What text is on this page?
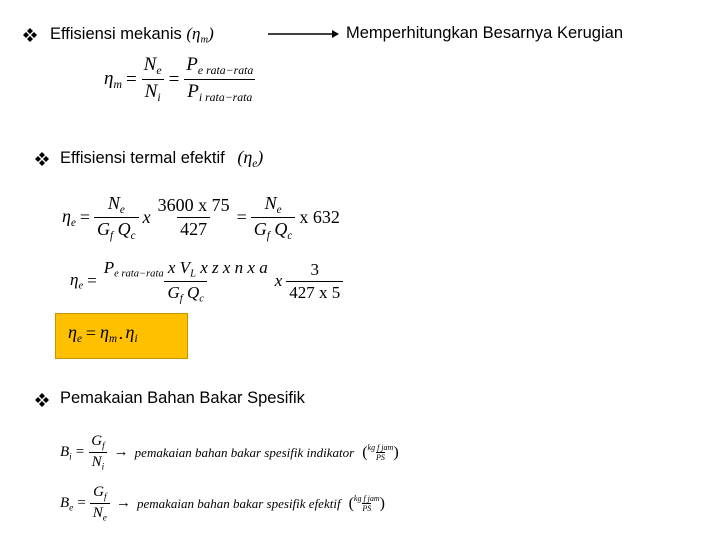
Effisiensi mekanis $(\eta_m)$	Memperhitungkan Besarnya Kerugian
$\eta_m = \frac{N_e}{N_i} = \frac{P_{e rata-rata}}{P_{i rata-rata}}$
Effisiensi termal efektif $(\eta_e)$
$\eta_e = \frac{N_e}{G_f Q_c}$ x $\frac{3600 x 75}{427} = \frac{N_e}{G_f Q_c}$ x 632
$\eta_e = \frac{P_{e rata-rata} x V_L x z x n x a}{G_f Q_c}$ x $\frac{3}{427 x 5}$
$\eta_e = \eta_m$ . $\eta_i$
Pemakaian Bahan Bakar Spesifik
$B_i = \frac{G_f}{N_i}$ → pemakaian bahan bakar spesifik indikator ( $\frac{\text{kg f jam}}{PS}$ )
$B_e = \frac{G_f}{N_e}$ → pemakaian bahan bakar spesifik efektif ( $\frac{\text{kg f jam}}{PS}$ )
